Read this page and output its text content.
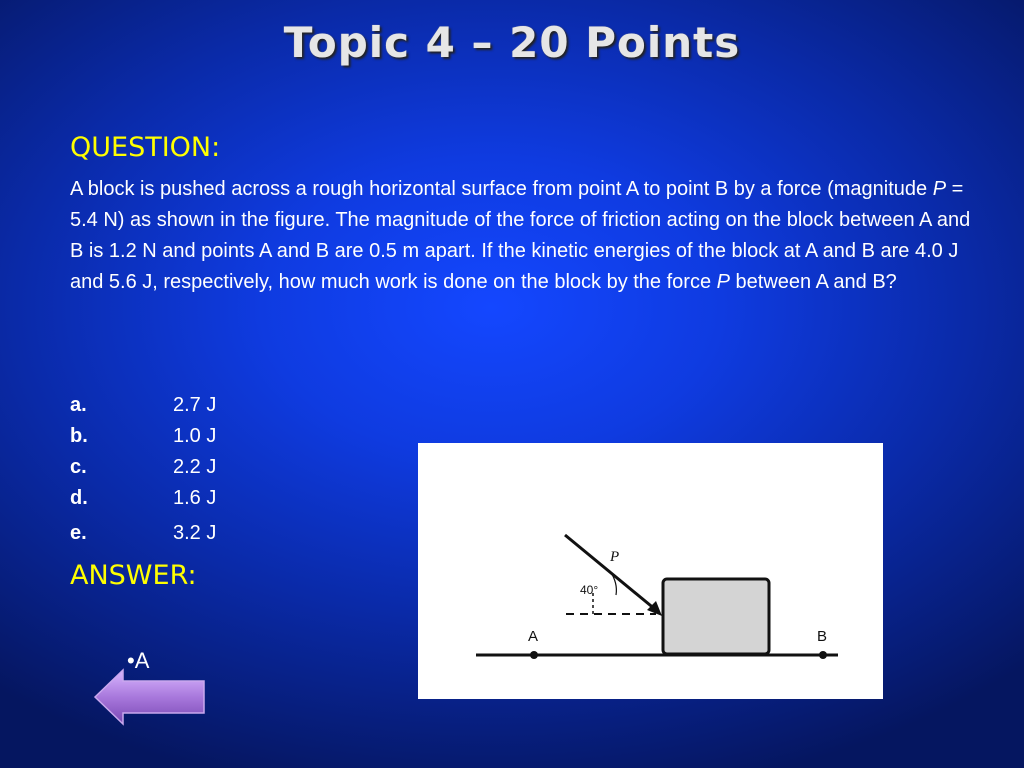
Topic 4 – 20 Points
QUESTION:
A block is pushed across a rough horizontal surface from point A to point B by a force (magnitude P = 5.4 N) as shown in the figure. The magnitude of the force of friction acting on the block between A and B is 1.2 N and points A and B are 0.5 m apart. If the kinetic energies of the block at A and B are 4.0 J and 5.6 J, respectively, how much work is done on the block by the force P between A and B?
a.	2.7 J
b.	1.0 J
c.	2.2 J
d.	1.6 J
e.	3.2 J
ANSWER:
•A
P
40°
A	B
